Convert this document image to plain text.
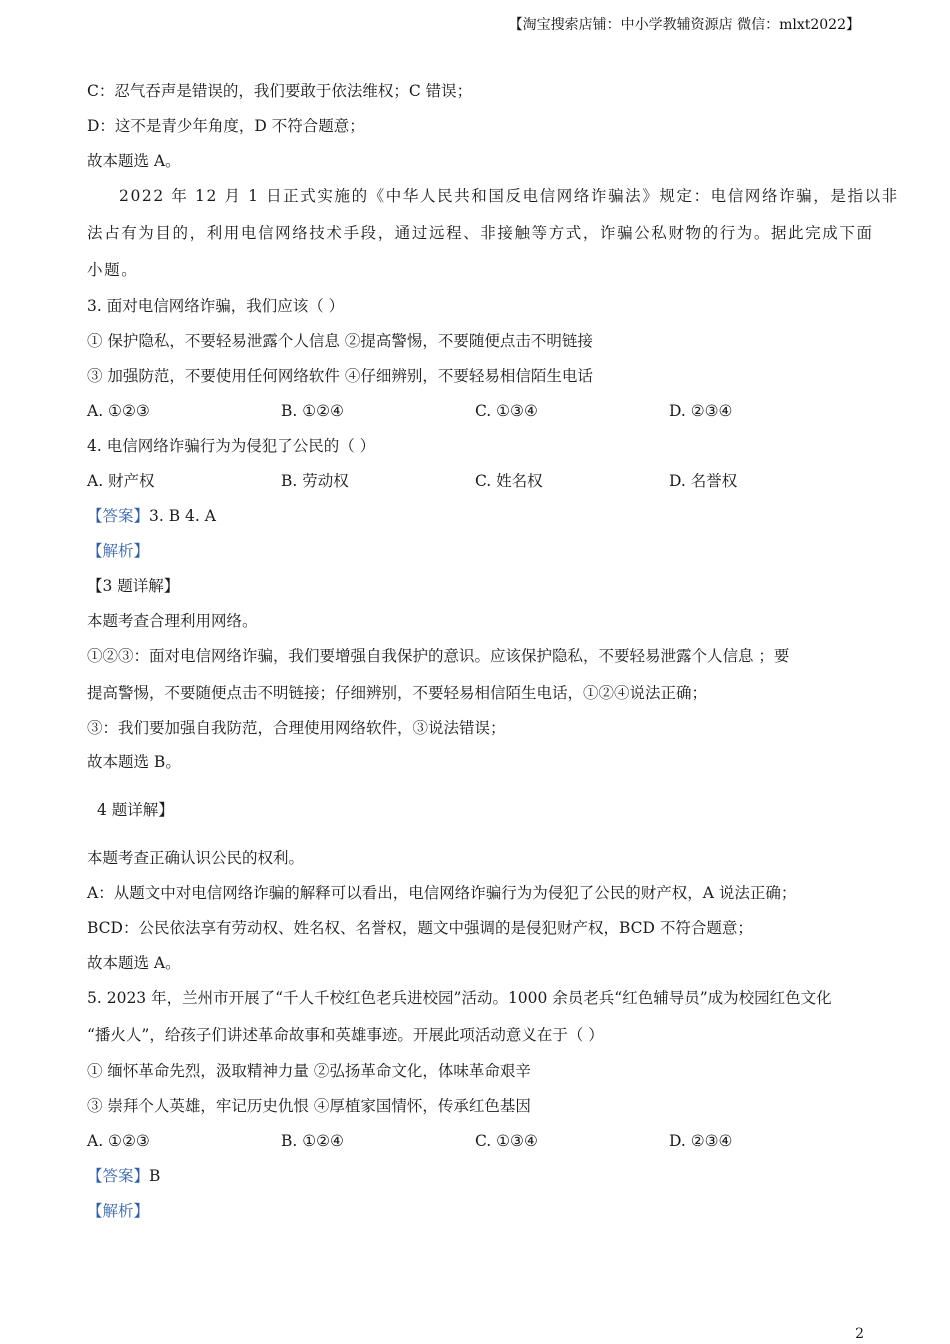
【淘宝搜索店铺：中小学教辅资源店 微信：mlxt2022】
C：忍气吞声是错误的，我们要敢于依法维权；C 错误；
D：这不是青少年角度，D 不符合题意；
故本题选 A。
2022 年 12 月 1 日正式实施的《中华人民共和国反电信网络诈骗法》规定：电信网络诈骗，是指以非
法占有为目的，利用电信网络技术手段，通过远程、非接触等方式，诈骗公私财物的行为。据此完成下面
小题。
3. 面对电信网络诈骗，我们应该（ ）
① 保护隐私，不要轻易泄露个人信息 ②提高警惕，不要随便点击不明链接
③ 加强防范，不要使用任何网络软件 ④仔细辨别，不要轻易相信陌生电话
A. ①②③	B. ①②④	C. ①③④	D. ②③④
4. 电信网络诈骗行为为侵犯了公民的（ ）
A. 财产权	B. 劳动权	C. 姓名权	D. 名誉权
【答案】3. B 4. A
【解析】
【3 题详解】
本题考查合理利用网络。
①②③：面对电信网络诈骗，我们要增强自我保护的意识。应该保护隐私，不要轻易泄露个人信息 ；要
提高警惕，不要随便点击不明链接；仔细辨别，不要轻易相信陌生电话，①②④说法正确；
③：我们要加强自我防范，合理使用网络软件，③说法错误；
故本题选 B。
4 题详解】
本题考查正确认识公民的权利。
A：从题文中对电信网络诈骗的解释可以看出，电信网络诈骗行为为侵犯了公民的财产权，A 说法正确；
BCD：公民依法享有劳动权、姓名权、名誉权，题文中强调的是侵犯财产权，BCD 不符合题意；
故本题选 A。
5. 2023 年，兰州市开展了“千人千校红色老兵进校园”活动。1000 余员老兵“红色辅导员”成为校园红色文化
“播火人”，给孩子们讲述革命故事和英雄事迹。开展此项活动意义在于（ ）
① 缅怀革命先烈，汲取精神力量 ②弘扬革命文化，体味革命艰辛
③ 崇拜个人英雄，牢记历史仇恨 ④厚植家国情怀，传承红色基因
A. ①②③	B. ①②④	C. ①③④	D. ②③④
【答案】B
【解析】
2
